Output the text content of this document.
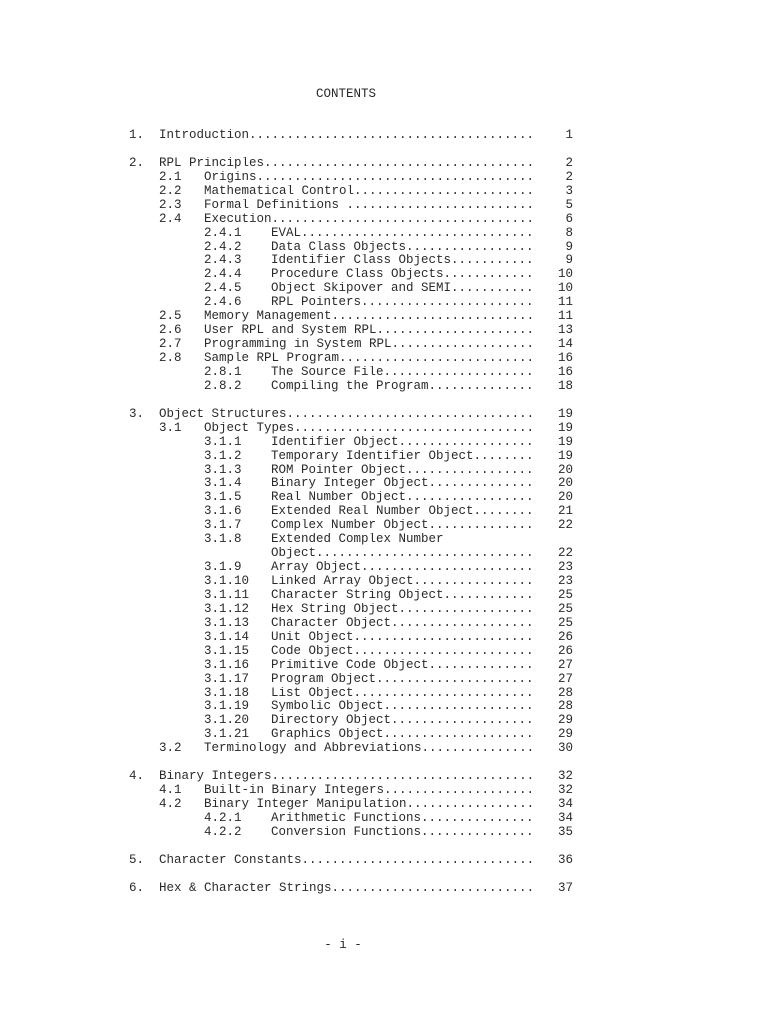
CONTENTS
1. Introduction .....	1
2. RPL Principles .....	2
2.1 Origins .....	2
2.2 Mathematical Control .....	3
2.3 Formal Definitions .....	5
2.4 Execution .....	6
2.4.1 EVAL .....	8
2.4.2 Data Class Objects .....	9
2.4.3 Identifier Class Objects .....	9
2.4.4 Procedure Class Objects .....	10
2.4.5 Object Skipover and SEMI .....	10
2.4.6 RPL Pointers .....	11
2.5 Memory Management .....	11
2.6 User RPL and System RPL .....	13
2.7 Programming in System RPL .....	14
2.8 Sample RPL Program .....	16
2.8.1 The Source File .....	16
2.8.2 Compiling the Program .....	18
3. Object Structures .....	19
3.1 Object Types .....	19
3.1.1 Identifier Object .....	19
3.1.2 Temporary Identifier Object .....	19
3.1.3 ROM Pointer Object .....	20
3.1.4 Binary Integer Object .....	20
3.1.5 Real Number Object .....	20
3.1.6 Extended Real Number Object .....	21
3.1.7 Complex Number Object .....	22
3.1.8 Extended Complex Number
Object .....	22
3.1.9 Array Object .....	23
3.1.10 Linked Array Object .....	23
3.1.11 Character String Object .....	25
3.1.12 Hex String Object .....	25
3.1.13 Character Object .....	25
3.1.14 Unit Object .....	26
3.1.15 Code Object .....	26
3.1.16 Primitive Code Object .....	27
3.1.17 Program Object .....	27
3.1.18 List Object .....	28
3.1.19 Symbolic Object .....	28
3.1.20 Directory Object .....	29
3.1.21 Graphics Object .....	29
3.2 Terminology and Abbreviations .....	30
4. Binary Integers .....	32
4.1 Built-in Binary Integers .....	32
4.2 Binary Integer Manipulation .....	34
4.2.1 Arithmetic Functions .....	34
4.2.2 Conversion Functions .....	35
5. Character Constants .....	36
6. Hex & Character Strings .....	37
- i -
